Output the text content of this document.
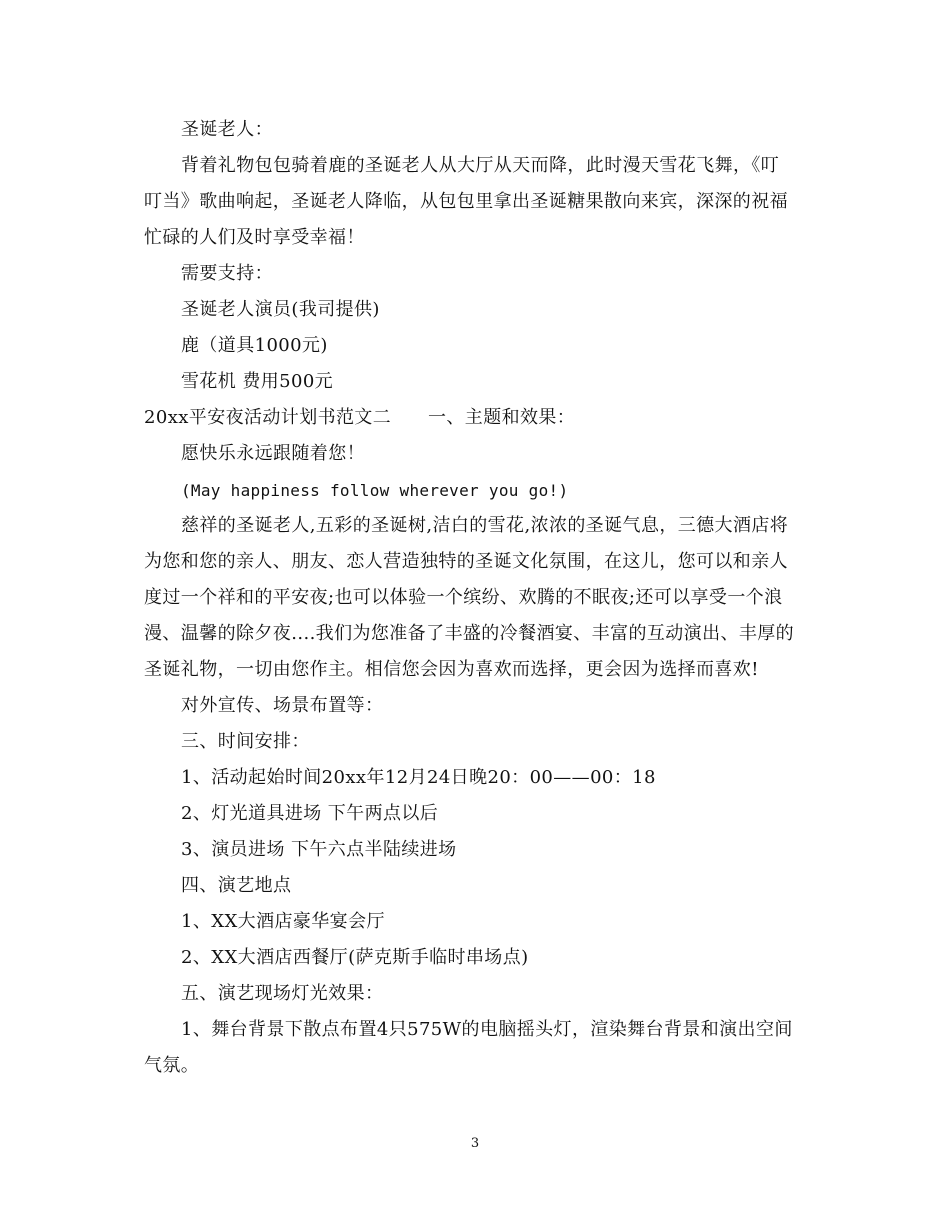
圣诞老人：
背着礼物包包骑着鹿的圣诞老人从大厅从天而降，此时漫天雪花飞舞，《叮
叮当》歌曲响起，圣诞老人降临，从包包里拿出圣诞糖果散向来宾，深深的祝福
忙碌的人们及时享受幸福！
需要支持：
圣诞老人演员(我司提供)
鹿（道具1000元)
雪花机 费用500元
20xx平安夜活动计划书范文二　　一、主题和效果：
愿快乐永远跟随着您！
(May happiness follow wherever you go!)
慈祥的圣诞老人,五彩的圣诞树,洁白的雪花,浓浓的圣诞气息，三德大酒店将
为您和您的亲人、朋友、恋人营造独特的圣诞文化氛围，在这儿，您可以和亲人
度过一个祥和的平安夜;也可以体验一个缤纷、欢腾的不眠夜;还可以享受一个浪
漫、温馨的除夕夜....我们为您准备了丰盛的冷餐酒宴、丰富的互动演出、丰厚的
圣诞礼物，一切由您作主。相信您会因为喜欢而选择，更会因为选择而喜欢!
对外宣传、场景布置等：
三、时间安排：
1、活动起始时间20xx年12月24日晚20：00——00：18
2、灯光道具进场 下午两点以后
3、演员进场 下午六点半陆续进场
四、演艺地点
1、XX大酒店豪华宴会厅
2、XX大酒店西餐厅(萨克斯手临时串场点)
五、演艺现场灯光效果：
1、舞台背景下散点布置4只575W的电脑摇头灯，渲染舞台背景和演出空间
气氛。
3
